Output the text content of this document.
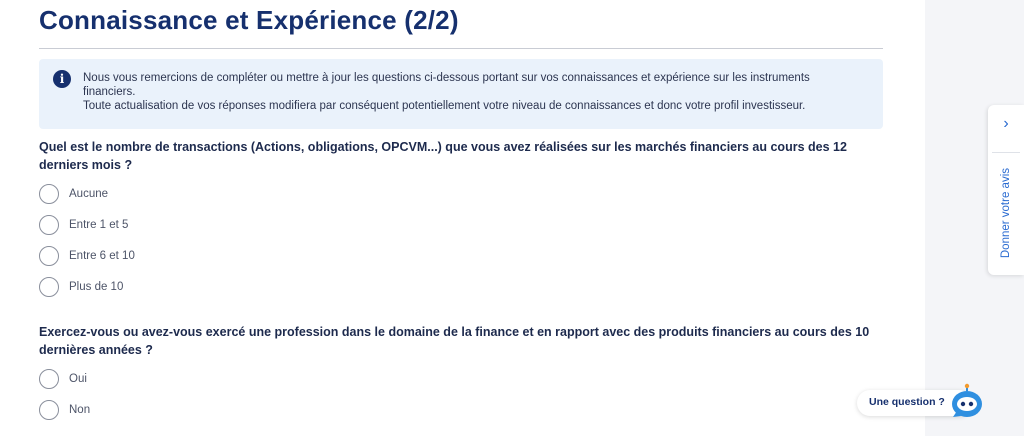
Connaissance et Expérience (2/2)
i	Nous vous remercions de compléter ou mettre à jour les questions ci-dessous portant sur vos connaissances et expérience sur les instruments financiers.

Toute actualisation de vos réponses modifiera par conséquent potentiellement votre niveau de connaissances et donc votre profil investisseur.

Quel est le nombre de transactions (Actions, obligations, OPCVM...) que vous avez réalisées sur les marchés financiers au cours des 12 derniers mois ?

Aucune
Entre 1 et 5
Entre 6 et 10
Plus de 10

Exercez-vous ou avez-vous exercé une profession dans le domaine de la finance et en rapport avec des produits financiers au cours des 10 dernières années ?

Oui
Non
›
Donner votre avis
Une question ?
